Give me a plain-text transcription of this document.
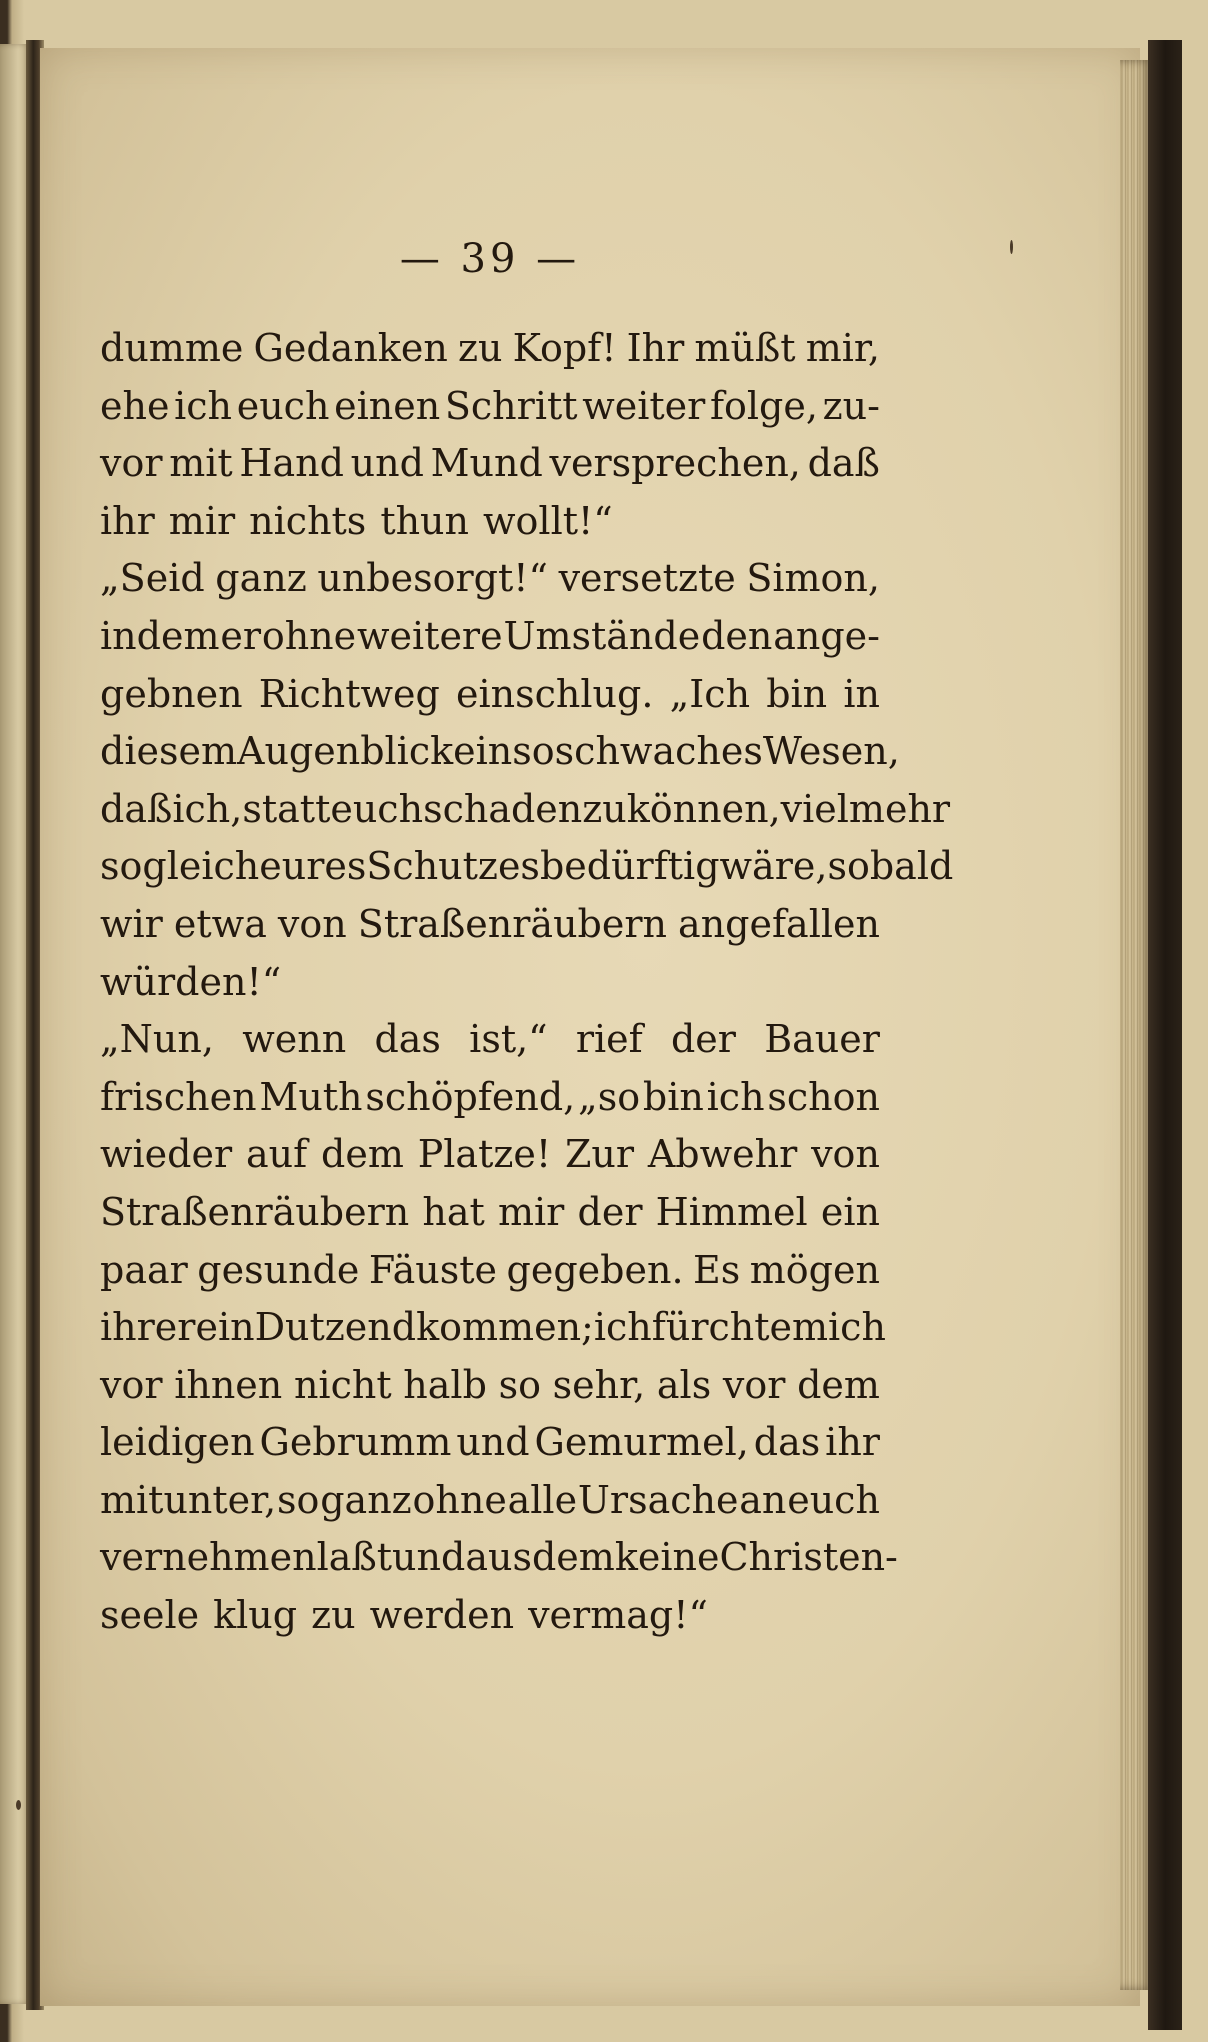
— 39 —
dumme Gedanken zu Kopf! Ihr müßt mir,
ehe ich euch einen Schritt weiter folge, zu-
vor mit Hand und Mund versprechen, daß
ihr mir nichts thun wollt!“
„Seid ganz unbesorgt!“ versetzte Simon,
indem er ohne weitere Umstände den ange-
gebnen Richtweg einschlug. „Ich bin in
diesem Augenblick ein so schwaches Wesen,
daß ich, statt euch schaden zu können, vielmehr
sogleich eures Schutzes bedürftig wäre, sobald
wir etwa von Straßenräubern angefallen
würden!“
„Nun, wenn das ist,“ rief der Bauer
frischen Muth schöpfend, „so bin ich schon
wieder auf dem Platze! Zur Abwehr von
Straßenräubern hat mir der Himmel ein
paar gesunde Fäuste gegeben. Es mögen
ihrer ein Dutzend kommen; ich fürchte mich
vor ihnen nicht halb so sehr, als vor dem
leidigen Gebrumm und Gemurmel, das ihr
mitunter, so ganz ohne alle Ursache an euch
vernehmen laßt und aus dem keine Christen-
seele klug zu werden vermag!“
